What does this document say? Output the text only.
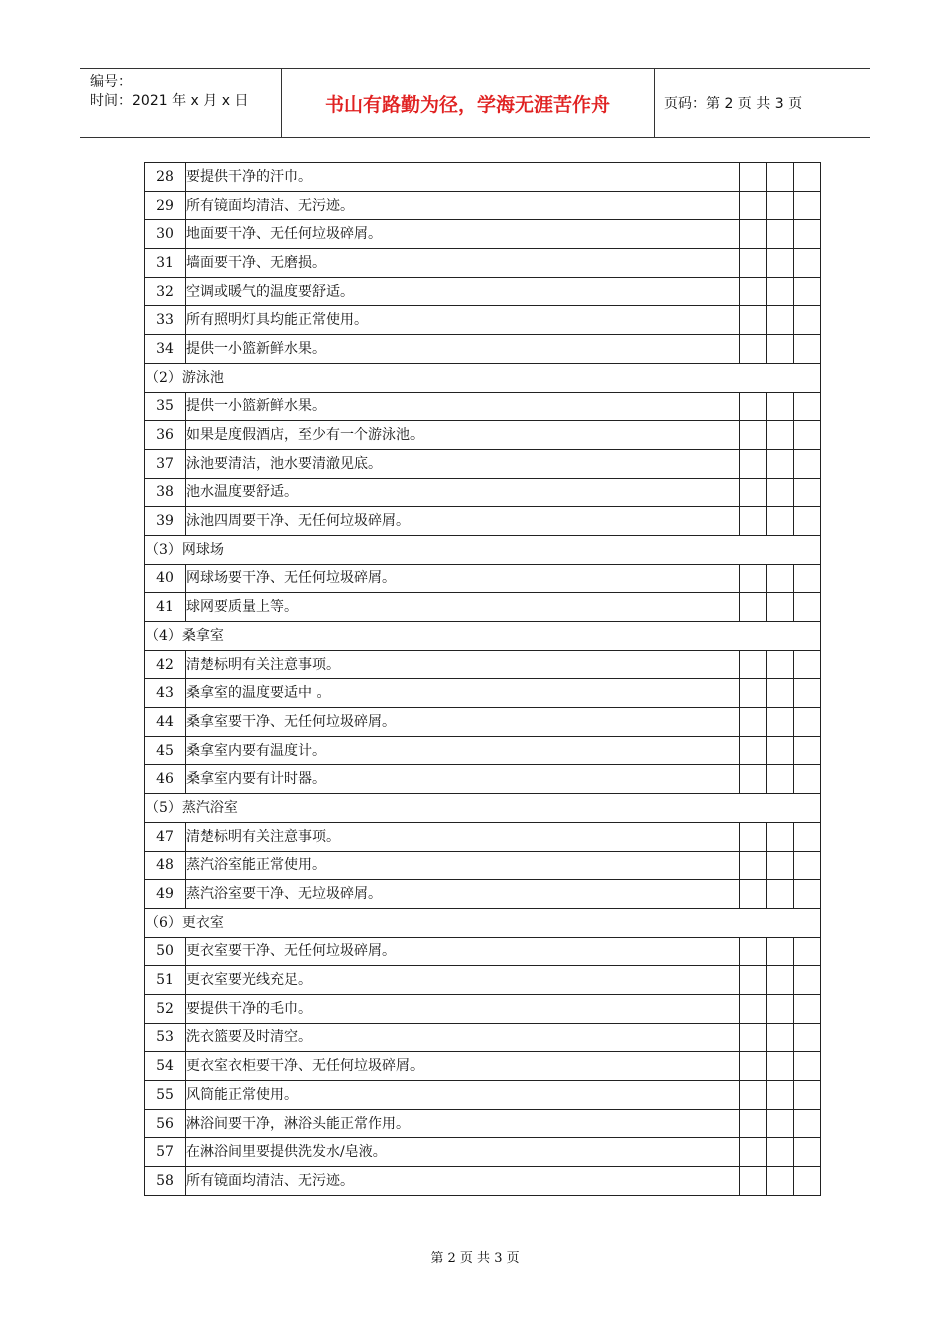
编号：
时间：2021 年 x 月 x 日	书山有路勤为径，学海无涯苦作舟	页码：第 2 页 共 3 页
28	要提供干净的汗巾。			
29	所有镜面均清洁、无污迹。			
30	地面要干净、无任何垃圾碎屑。			
31	墙面要干净、无磨损。			
32	空调或暖气的温度要舒适。			
33	所有照明灯具均能正常使用。			
34	提供一小篮新鲜水果。			
（2）游泳池				
35	提供一小篮新鲜水果。			
36	如果是度假酒店，至少有一个游泳池。			
37	泳池要清洁，池水要清澈见底。			
38	池水温度要舒适。			
39	泳池四周要干净、无任何垃圾碎屑。			
（3）网球场				
40	网球场要干净、无任何垃圾碎屑。			
41	球网要质量上等。			
（4）桑拿室				
42	清楚标明有关注意事项。			
43	桑拿室的温度要适中 。			
44	桑拿室要干净、无任何垃圾碎屑。			
45	桑拿室内要有温度计。			
46	桑拿室内要有计时器。			
（5）蒸汽浴室				
47	清楚标明有关注意事项。			
48	蒸汽浴室能正常使用。			
49	蒸汽浴室要干净、无垃圾碎屑。			
（6）更衣室				
50	更衣室要干净、无任何垃圾碎屑。			
51	更衣室要光线充足。			
52	要提供干净的毛巾。			
53	洗衣篮要及时清空。			
54	更衣室衣柜要干净、无任何垃圾碎屑。			
55	风筒能正常使用。			
56	淋浴间要干净，淋浴头能正常作用。			
57	在淋浴间里要提供洗发水/皂液。			
58	所有镜面均清洁、无污迹。			
第 2 页 共 3 页
